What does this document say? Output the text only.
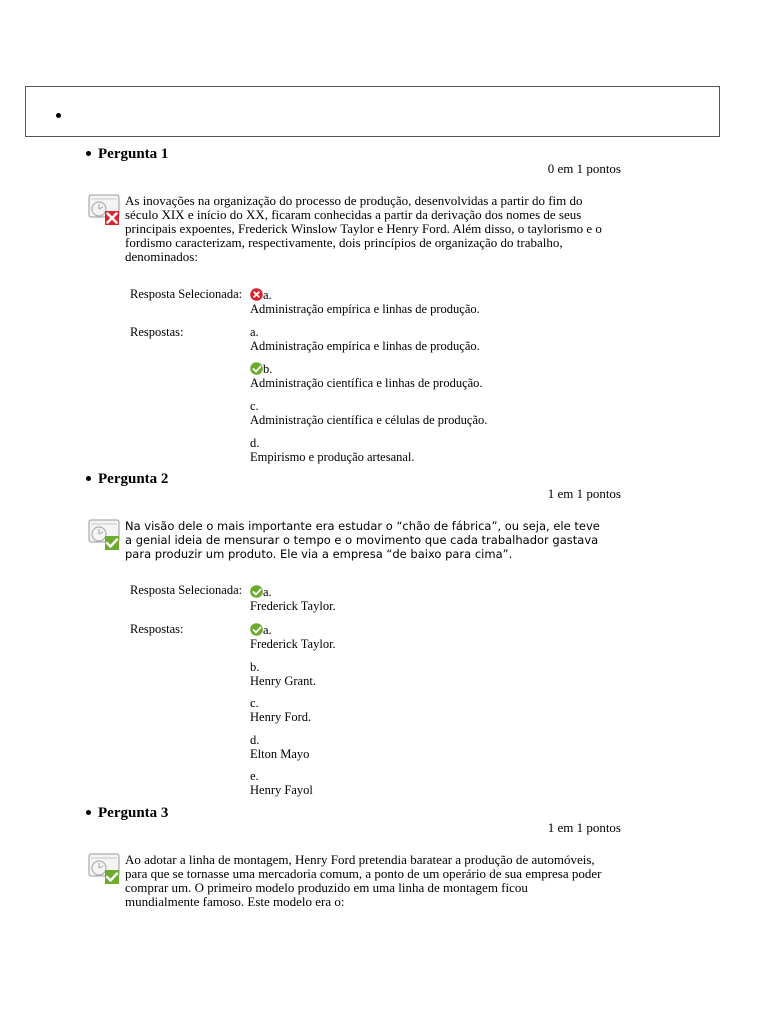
Pergunta 1
0 em 1 pontos
As inovações na organização do processo de produção, desenvolvidas a partir do fim do século XIX e início do XX, ficaram conhecidas a partir da derivação dos nomes de seus principais expoentes, Frederick Winslow Taylor e Henry Ford. Além disso, o taylorismo e o fordismo caracterizam, respectivamente, dois princípios de organização do trabalho, denominados:
Resposta Selecionada:	a.
Administração empírica e linhas de produção.
Respostas:	a.
Administração empírica e linhas de produção.
b.
Administração científica e linhas de produção.
c.
Administração científica e células de produção.
d.
Empirismo e produção artesanal.
Pergunta 2
1 em 1 pontos
Na visão dele o mais importante era estudar o “chão de fábrica”, ou seja, ele teve a genial ideia de mensurar o tempo e o movimento que cada trabalhador gastava para produzir um produto. Ele via a empresa “de baixo para cima”.
Resposta Selecionada:	a.
Frederick Taylor.
Respostas:	a.
Frederick Taylor.
b.
Henry Grant.
c.
Henry Ford.
d.
Elton Mayo
e.
Henry Fayol
Pergunta 3
1 em 1 pontos
Ao adotar a linha de montagem, Henry Ford pretendia baratear a produção de automóveis, para que se tornasse uma mercadoria comum, a ponto de um operário de sua empresa poder comprar um. O primeiro modelo produzido em uma linha de montagem ficou mundialmente famoso. Este modelo era o:
